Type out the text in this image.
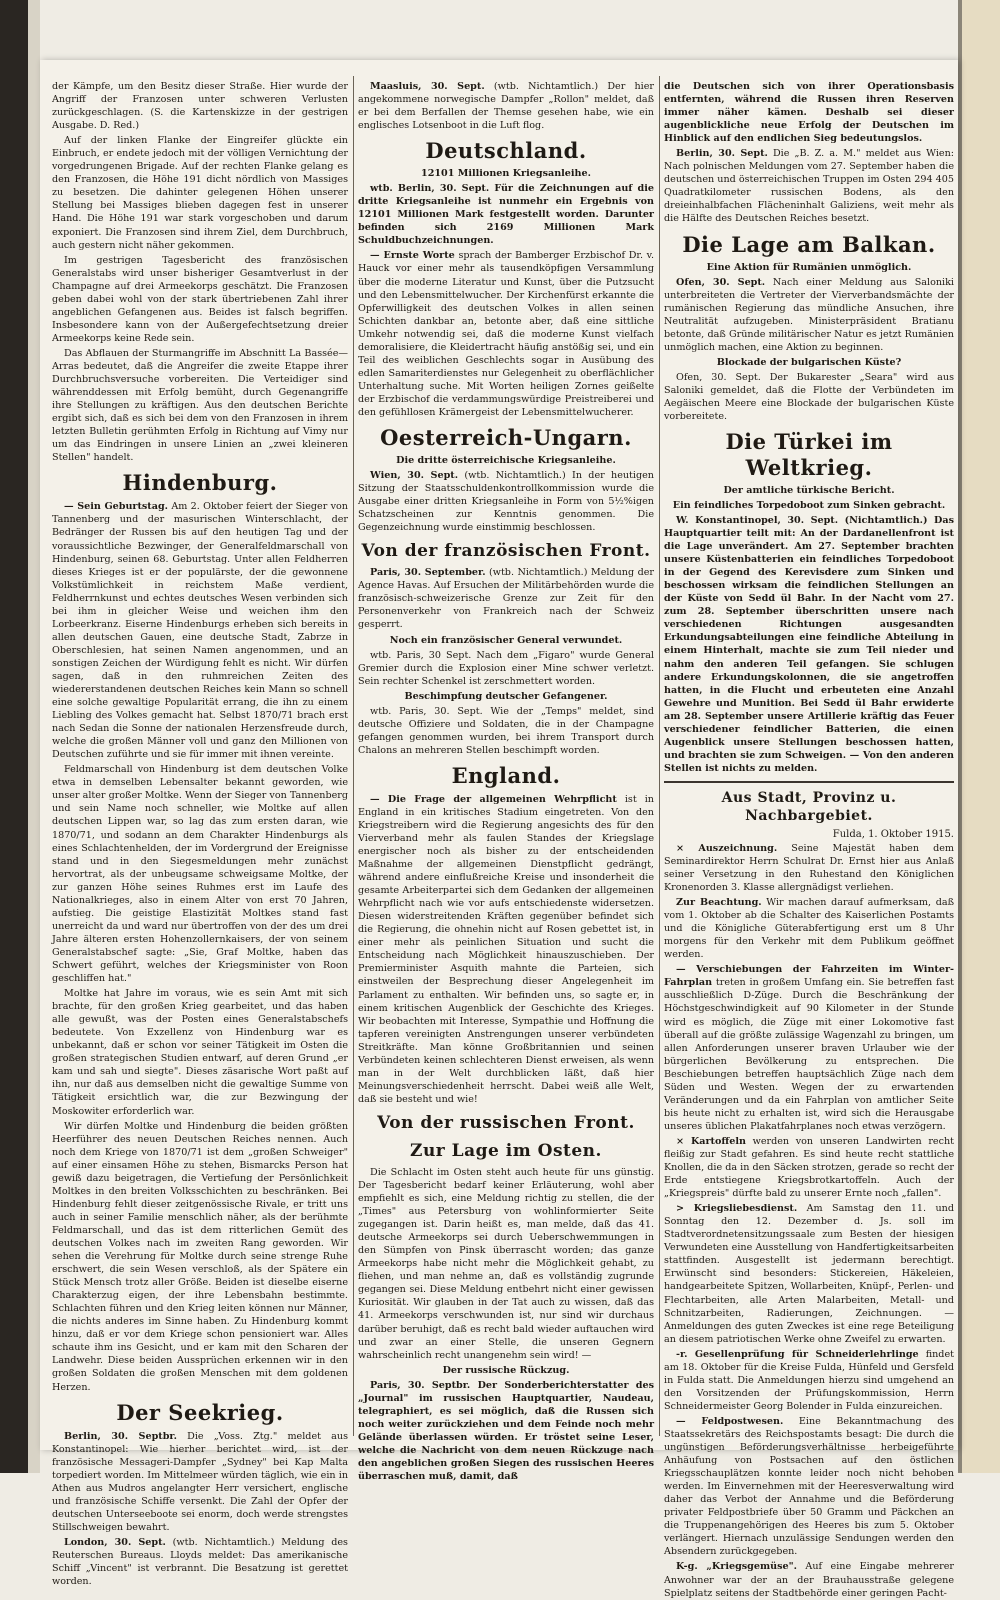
der Kämpfe, um den Besitz dieser Straße. Hier wurde der Angriff der Franzosen unter schweren Verlusten zurückgeschlagen. (S. die Kartenskizze in der gestrigen Ausgabe. D. Red.)

Auf der linken Flanke der Eingreifer glückte ein Einbruch, er endete jedoch mit der völligen Vernichtung der vorgedrungenen Brigade. Auf der rechten Flanke gelang es den Franzosen, die Höhe 191 dicht nördlich von Massiges zu besetzen. Die dahinter gelegenen Höhen unserer Stellung bei Massiges blieben dagegen fest in unserer Hand. Die Höhe 191 war stark vorgeschoben und darum exponiert. Die Franzosen sind ihrem Ziel, dem Durchbruch, auch gestern nicht näher gekommen.

Im gestrigen Tagesbericht des französischen Generalstabs wird unser bisheriger Gesamtverlust in der Champagne auf drei Armeekorps geschätzt. Die Franzosen geben dabei wohl von der stark übertriebenen Zahl ihrer angeblichen Gefangenen aus. Beides ist falsch begriffen. Insbesondere kann von der Außergefechtsetzung dreier Armeekorps keine Rede sein.

Das Abflauen der Sturmangriffe im Abschnitt La Bassée—Arras bedeutet, daß die Angreifer die zweite Etappe ihrer Durchbruchsversuche vorbereiten. Die Verteidiger sind währenddessen mit Erfolg bemüht, durch Gegenangriffe ihre Stellungen zu kräftigen. Aus den deutschen Berichte ergibt sich, daß es sich bei dem von den Franzosen in ihrem letzten Bulletin gerühmten Erfolg in Richtung auf Vimy nur um das Eindringen in unsere Linien an „zwei kleineren Stellen" handelt.

Hindenburg.

— Sein Geburtstag. Am 2. Oktober feiert der Sieger von Tannenberg und der masurischen Winterschlacht, der Bedränger der Russen bis auf den heutigen Tag und der voraussichtliche Bezwinger, der Generalfeldmarschall von Hindenburg, seinen 68. Geburtstag. Unter allen Feldherren dieses Krieges ist er der populärste, der die gewonnene Volkstümlichkeit in reichstem Maße verdient, Feldherrnkunst und echtes deutsches Wesen verbinden sich bei ihm in gleicher Weise und weichen ihm den Lorbeerkranz. Eiserne Hindenburgs erheben sich bereits in allen deutschen Gauen, eine deutsche Stadt, Zabrze in Oberschlesien, hat seinen Namen angenommen, und an sonstigen Zeichen der Würdigung fehlt es nicht. Wir dürfen sagen, daß in den ruhmreichen Zeiten des wiedererstandenen deutschen Reiches kein Mann so schnell eine solche gewaltige Popularität errang, die ihn zu einem Liebling des Volkes gemacht hat. Selbst 1870/71 brach erst nach Sedan die Sonne der nationalen Herzensfreude durch, welche die großen Männer voll und ganz den Millionen von Deutschen zuführte und sie für immer mit ihnen vereinte.

Feldmarschall von Hindenburg ist dem deutschen Volke etwa in demselben Lebensalter bekannt geworden, wie unser alter großer Moltke. Wenn der Sieger von Tannenberg und sein Name noch schneller, wie Moltke auf allen deutschen Lippen war, so lag das zum ersten daran, wie 1870/71, und sodann an dem Charakter Hindenburgs als eines Schlachtenhelden, der im Vordergrund der Ereignisse stand und in den Siegesmeldungen mehr zunächst hervortrat, als der unbeugsame schweigsame Moltke, der zur ganzen Höhe seines Ruhmes erst im Laufe des Nationalkrieges, also in einem Alter von erst 70 Jahren, aufstieg. Die geistige Elastizität Moltkes stand fast unerreicht da und ward nur übertroffen von der des um drei Jahre älteren ersten Hohenzollernkaisers, der von seinem Generalstabschef sagte: „Sie, Graf Moltke, haben das Schwert geführt, welches der Kriegsminister von Roon geschliffen hat."

Moltke hat Jahre im voraus, wie es sein Amt mit sich brachte, für den großen Krieg gearbeitet, und das haben alle gewußt, was der Posten eines Generalstabschefs bedeutete. Von Exzellenz von Hindenburg war es unbekannt, daß er schon vor seiner Tätigkeit im Osten die großen strategischen Studien entwarf, auf deren Grund „er kam und sah und siegte". Dieses zäsarische Wort paßt auf ihn, nur daß aus demselben nicht die gewaltige Summe von Tätigkeit ersichtlich war, die zur Bezwingung der Moskowiter erforderlich war.

Wir dürfen Moltke und Hindenburg die beiden größten Heerführer des neuen Deutschen Reiches nennen. Auch noch dem Kriege von 1870/71 ist dem „großen Schweiger" auf einer einsamen Höhe zu stehen, Bismarcks Person hat gewiß dazu beigetragen, die Vertiefung der Persönlichkeit Moltkes in den breiten Volksschichten zu beschränken. Bei Hindenburg fehlt dieser zeitgenössische Rivale, er tritt uns auch in seiner Familie menschlich näher, als der berühmte Feldmarschall, und das ist dem ritterlichen Gemüt des deutschen Volkes nach im zweiten Rang geworden. Wir sehen die Verehrung für Moltke durch seine strenge Ruhe erschwert, die sein Wesen verschloß, als der Spätere ein Stück Mensch trotz aller Größe. Beiden ist dieselbe eiserne Charakterzug eigen, der ihre Lebensbahn bestimmte. Schlachten führen und den Krieg leiten können nur Männer, die nichts anderes im Sinne haben. Zu Hindenburg kommt hinzu, daß er vor dem Kriege schon pensioniert war. Alles schaute ihm ins Gesicht, und er kam mit den Scharen der Landwehr. Diese beiden Aussprüchen erkennen wir in den großen Soldaten die großen Menschen mit dem goldenen Herzen.

Der Seekrieg.

Berlin, 30. Septbr. Die „Voss. Ztg." meldet aus Konstantinopel: Wie hierher berichtet wird, ist der französische Messageri-Dampfer „Sydney" bei Kap Malta torpediert worden. Im Mittelmeer würden täglich, wie ein in Athen aus Mudros angelangter Herr versichert, englische und französische Schiffe versenkt. Die Zahl der Opfer der deutschen Unterseeboote sei enorm, doch werde strengstes Stillschweigen bewahrt.

London, 30. Sept. (wtb. Nichtamtlich.) Meldung des Reuterschen Bureaus. Lloyds meldet: Das amerikanische Schiff „Vincent" ist verbrannt. Die Besatzung ist gerettet worden.

Maasluis, 30. Sept. (wtb. Nichtamtlich.) Der hier angekommene norwegische Dampfer „Rollon" meldet, daß er bei dem Berfallen der Themse gesehen habe, wie ein englisches Lotsenboot in die Luft flog.

Deutschland.
12101 Millionen Kriegsanleihe.

wtb. Berlin, 30. Sept. Für die Zeichnungen auf die dritte Kriegsanleihe ist nunmehr ein Ergebnis von 12101 Millionen Mark festgestellt worden. Darunter befinden sich 2169 Millionen Mark Schuldbuchzeichnungen.

— Ernste Worte sprach der Bamberger Erzbischof Dr. v. Hauck vor einer mehr als tausendköpfigen Versammlung über die moderne Literatur und Kunst, über die Putzsucht und den Lebensmittelwucher. Der Kirchenfürst erkannte die Opferwilligkeit des deutschen Volkes in allen seinen Schichten dankbar an, betonte aber, daß eine sittliche Umkehr notwendig sei, daß die moderne Kunst vielfach demoralisiere, die Kleidertracht häufig anstößig sei, und ein Teil des weiblichen Geschlechts sogar in Ausübung des edlen Samariterdienstes nur Gelegenheit zu oberflächlicher Unterhaltung suche. Mit Worten heiligen Zornes geißelte der Erzbischof die verdammungswürdige Preistreiberei und den gefühllosen Krämergeist der Lebensmittelwucherer.

Oesterreich-Ungarn.
Die dritte österreichische Kriegsanleihe.

Wien, 30. Sept. (wtb. Nichtamtlich.) In der heutigen Sitzung der Staatsschuldenkontrollkommission wurde die Ausgabe einer dritten Kriegsanleihe in Form von 5½%igen Schatzscheinen zur Kenntnis genommen. Die Gegenzeichnung wurde einstimmig beschlossen.

Von der französischen Front.

Paris, 30. September. (wtb. Nichtamtlich.) Meldung der Agence Havas. Auf Ersuchen der Militärbehörden wurde die französisch-schweizerische Grenze zur Zeit für den Personenverkehr von Frankreich nach der Schweiz gesperrt.

Noch ein französischer General verwundet.

wtb. Paris, 30 Sept. Nach dem „Figaro" wurde General Gremier durch die Explosion einer Mine schwer verletzt. Sein rechter Schenkel ist zerschmettert worden.

Beschimpfung deutscher Gefangener.

wtb. Paris, 30. Sept. Wie der „Temps" meldet, sind deutsche Offiziere und Soldaten, die in der Champagne gefangen genommen wurden, bei ihrem Transport durch Chalons an mehreren Stellen beschimpft worden.

England.

— Die Frage der allgemeinen Wehrpflicht ist in England in ein kritisches Stadium eingetreten. Von den Kriegstreibern wird die Regierung angesichts des für den Vierverband mehr als faulen Standes der Kriegslage energischer noch als bisher zu der entscheidenden Maßnahme der allgemeinen Dienstpflicht gedrängt, während andere einflußreiche Kreise und insonderheit die gesamte Arbeiterpartei sich dem Gedanken der allgemeinen Wehrpflicht nach wie vor aufs entschiedenste widersetzen. Diesen widerstreitenden Kräften gegenüber befindet sich die Regierung, die ohnehin nicht auf Rosen gebettet ist, in einer mehr als peinlichen Situation und sucht die Entscheidung nach Möglichkeit hinauszuschieben. Der Premierminister Asquith mahnte die Parteien, sich einstweilen der Besprechung dieser Angelegenheit im Parlament zu enthalten. Wir befinden uns, so sagte er, in einem kritischen Augenblick der Geschichte des Krieges. Wir beobachten mit Interesse, Sympathie und Hoffnung die tapferen vereinigten Anstrengungen unserer verbündeten Streitkräfte. Man könne Großbritannien und seinen Verbündeten keinen schlechteren Dienst erweisen, als wenn man in der Welt durchblicken läßt, daß hier Meinungsverschiedenheit herrscht. Dabei weiß alle Welt, daß sie besteht und wie!

Von der russischen Front.
Zur Lage im Osten.

Die Schlacht im Osten steht auch heute für uns günstig. Der Tagesbericht bedarf keiner Erläuterung, wohl aber empfiehlt es sich, eine Meldung richtig zu stellen, die der „Times" aus Petersburg von wohlinformierter Seite zugegangen ist. Darin heißt es, man melde, daß das 41. deutsche Armeekorps sei durch Ueberschwemmungen in den Sümpfen von Pinsk überrascht worden; das ganze Armeekorps habe nicht mehr die Möglichkeit gehabt, zu fliehen, und man nehme an, daß es vollständig zugrunde gegangen sei. Diese Meldung entbehrt nicht einer gewissen Kuriosität. Wir glauben in der Tat auch zu wissen, daß das 41. Armeekorps verschwunden ist, nur sind wir durchaus darüber beruhigt, daß es recht bald wieder auftauchen wird und zwar an einer Stelle, die unseren Gegnern wahrscheinlich recht unangenehm sein wird! —

Der russische Rückzug.

Paris, 30. Septbr. Der Sonderberichterstatter des „Journal" im russischen Hauptquartier, Naudeau, telegraphiert, es sei möglich, daß die Russen sich noch weiter zurückziehen und dem Feinde noch mehr Gelände überlassen würden. Er tröstet seine Leser, welche die Nachricht von dem neuen Rückzuge nach den angeblichen großen Siegen des russischen Heeres überraschen muß, damit, daß

die Deutschen sich von ihrer Operationsbasis entfernten, während die Russen ihren Reserven immer näher kämen. Deshalb sei dieser augenblickliche neue Erfolg der Deutschen im Hinblick auf den endlichen Sieg bedeutungslos.

Berlin, 30. Sept. Die „B. Z. a. M." meldet aus Wien: Nach polnischen Meldungen vom 27. September haben die deutschen und österreichischen Truppen im Osten 294 405 Quadratkilometer russischen Bodens, als den dreieinhalbfachen Flächeninhalt Galiziens, weit mehr als die Hälfte des Deutschen Reiches besetzt.

Die Lage am Balkan.
Eine Aktion für Rumänien unmöglich.

Ofen, 30. Sept. Nach einer Meldung aus Saloniki unterbreiteten die Vertreter der Vierverbandsmächte der rumänischen Regierung das mündliche Ansuchen, ihre Neutralität aufzugeben. Ministerpräsident Bratianu betonte, daß Gründe militärischer Natur es jetzt Rumänien unmöglich machen, eine Aktion zu beginnen.

Blockade der bulgarischen Küste?

Ofen, 30. Sept. Der Bukarester „Seara" wird aus Saloniki gemeldet, daß die Flotte der Verbündeten im Aegäischen Meere eine Blockade der bulgarischen Küste vorbereitete.

Die Türkei im Weltkrieg.
Der amtliche türkische Bericht.
Ein feindliches Torpedoboot zum Sinken gebracht.

W. Konstantinopel, 30. Sept. (Nichtamtlich.) Das Hauptquartier teilt mit: An der Dardanellenfront ist die Lage unverändert. Am 27. September brachten unsere Küstenbatterien ein feindliches Torpedoboot in der Gegend des Kerevisdere zum Sinken und beschossen wirksam die feindlichen Stellungen an der Küste von Sedd ül Bahr. In der Nacht vom 27. zum 28. September überschritten unsere nach verschiedenen Richtungen ausgesandten Erkundungsabteilungen eine feindliche Abteilung in einem Hinterhalt, machte sie zum Teil nieder und nahm den anderen Teil gefangen. Sie schlugen andere Erkundungskolonnen, die sie angetroffen hatten, in die Flucht und erbeuteten eine Anzahl Gewehre und Munition. Bei Sedd ül Bahr erwiderte am 28. September unsere Artillerie kräftig das Feuer verschiedener feindlicher Batterien, die einen Augenblick unsere Stellungen beschossen hatten, und brachten sie zum Schweigen. — Von den anderen Stellen ist nichts zu melden.

Aus Stadt, Provinz u. Nachbargebiet.
Fulda, 1. Oktober 1915.

× Auszeichnung. Seine Majestät haben dem Seminardirektor Herrn Schulrat Dr. Ernst hier aus Anlaß seiner Versetzung in den Ruhestand den Königlichen Kronenorden 3. Klasse allergnädigst verliehen.

Zur Beachtung. Wir machen darauf aufmerksam, daß vom 1. Oktober ab die Schalter des Kaiserlichen Postamts und die Königliche Güterabfertigung erst um 8 Uhr morgens für den Verkehr mit dem Publikum geöffnet werden.

— Verschiebungen der Fahrzeiten im Winter-Fahrplan treten in großem Umfang ein. Sie betreffen fast ausschließlich D-Züge. Durch die Beschränkung der Höchstgeschwindigkeit auf 90 Kilometer in der Stunde wird es möglich, die Züge mit einer Lokomotive fast überall auf die größte zulässige Wagenzahl zu bringen, um allen Anforderungen unserer braven Urlauber wie der bürgerlichen Bevölkerung zu entsprechen. Die Beschiebungen betreffen hauptsächlich Züge nach dem Süden und Westen. Wegen der zu erwartenden Veränderungen und da ein Fahrplan von amtlicher Seite bis heute nicht zu erhalten ist, wird sich die Herausgabe unseres üblichen Plakatfahrplanes noch etwas verzögern.

× Kartoffeln werden von unseren Landwirten recht fleißig zur Stadt gefahren. Es sind heute recht stattliche Knollen, die da in den Säcken strotzen, gerade so recht der Erde entstiegene Kriegsbrotkartoffeln. Auch der „Kriegspreis" dürfte bald zu unserer Ernte noch „fallen".

> Kriegsliebesdienst. Am Samstag den 11. und Sonntag den 12. Dezember d. Js. soll im Stadtverordnetensitzungssaale zum Besten der hiesigen Verwundeten eine Ausstellung von Handfertigkeitsarbeiten stattfinden. Ausgestellt ist jedermann berechtigt. Erwünscht sind besonders: Stickereien, Häkeleien, handgearbeitete Spitzen, Wollarbeiten, Knüpf-, Perlen- und Flechtarbeiten, alle Arten Malarbeiten, Metall- und Schnitzarbeiten, Radierungen, Zeichnungen. — Anmeldungen des guten Zweckes ist eine rege Beteiligung an diesem patriotischen Werke ohne Zweifel zu erwarten.

-r. Gesellenprüfung für Schneiderlehrlinge findet am 18. Oktober für die Kreise Fulda, Hünfeld und Gersfeld in Fulda statt. Die Anmeldungen hierzu sind umgehend an den Vorsitzenden der Prüfungskommission, Herrn Schneidermeister Georg Bolender in Fulda einzureichen.

— Feldpostwesen. Eine Bekanntmachung des Staatssekretärs des Reichspostamts besagt: Die durch die ungünstigen Beförderungsverhältnisse herbeigeführte Anhäufung von Postsachen auf den östlichen Kriegsschauplätzen konnte leider noch nicht behoben werden. Im Einvernehmen mit der Heeresverwaltung wird daher das Verbot der Annahme und die Beförderung privater Feldpostbriefe über 50 Gramm und Päckchen an die Truppenangehörigen des Heeres bis zum 5. Oktober verlängert. Hiernach unzulässige Sendungen werden den Absendern zurückgegeben.

K-g. „Kriegsgemüse". Auf eine Eingabe mehrerer Anwohner war der an der Brauhausstraße gelegene Spielplatz seitens der Stadtbehörde einer geringen Pacht-
